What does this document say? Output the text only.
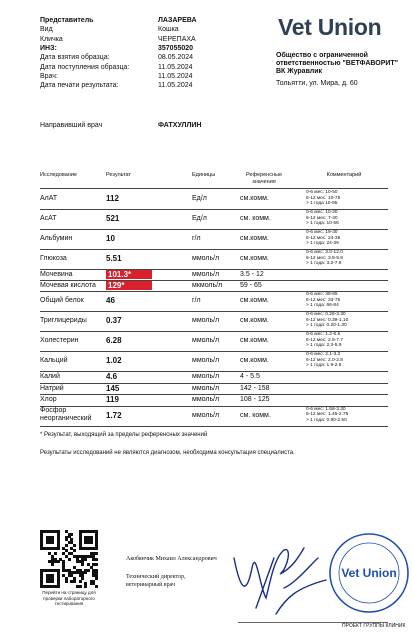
Представитель	ЛАЗАРЕВА
Вид	Кошка
Кличка	ЧЕРЕПАХА
ИНЗ:	357055020
Дата взятия образца:	08.05.2024
Дата поступления образца:	11.05.2024
Врач:	11.05.2024
Дата печати результата:	11.05.2024
Направивший врач	ФАТХУЛЛИН
Vet Union
Общество с ограниченной
ответственностью "ВЕТФАВОРИТ"
ВК Журавлик
Тольятти, ул. Мира, д. 60
Исследование	Результат	Единицы	Референсные значения
Комментарий
АлАТ	112	Ед/л	см.комм.
0-6 мес: 10-50
6-12 мес: 10-75
> 1 года 10-85
АсАТ	521	Ед/л	см. комм.
0-6 мес: 10-30
6-12 мес: 7-40
> 1 года: 10-56
Альбумин	10	г/л	см.комм.
0-6 мес: 19-30
6-12 мес: 24-38
> 1 года: 24-39
Глюкоза	5.51	ммоль/л	см.комм.
0-6 мес: 3.0-12.0
6-12 мес: 3.8-9.8
> 1 года: 3.2-7.9
Мочевина	101.3*	ммоль/л	3.5 - 12
Мочевая кислота 129*	мкмоль/л	59 - 65
Общий белок	46	г/л	см.комм.
0-6 мес: 38-65
6-12 мес: 33-75
> 1 года: 66-84
Триглицериды 0.37	ммоль/л	см.комм.
0-6 мес: 0.26-3.30
6-12 мес: 0.39-1.10
> 1 года: 0.20-1.30
Холестерин	6.28	ммоль/л	см.комм.
0-6 мес: 1.2-6.5
6-12 мес: 2.5-7.7
> 1 года: 2.3-5.9
Кальций	1.02	ммоль/л	см.комм.
0-6 мес: 2.1-3.3
6-12 мес: 2.0-2.8
> 1 года: 1.9-2.6
Калий	4.6	ммоль/л	4 - 5.5
Натрий	145	ммоль/л	142 - 158
Хлор	119	ммоль/л	108 - 125
Фосфор неорганический	1.72	ммоль/л	см. комм.
0-6 мес: 1.58-3.30
6-12 мес: 1.45-2.75
> 1 года: 0.90-2.50
* Результат, выходящий за пределы референсных значений
Результаты исследований не являются диагнозом, необходима консультация специалиста.
Перейти на страницу для проверки лабораторного тестирования
Акобянчик Михаил Александрович
Технический директор,
ветеринарный врач
Vet Union
ПРОЕКТ ГРУППЫ КЛИНИК
